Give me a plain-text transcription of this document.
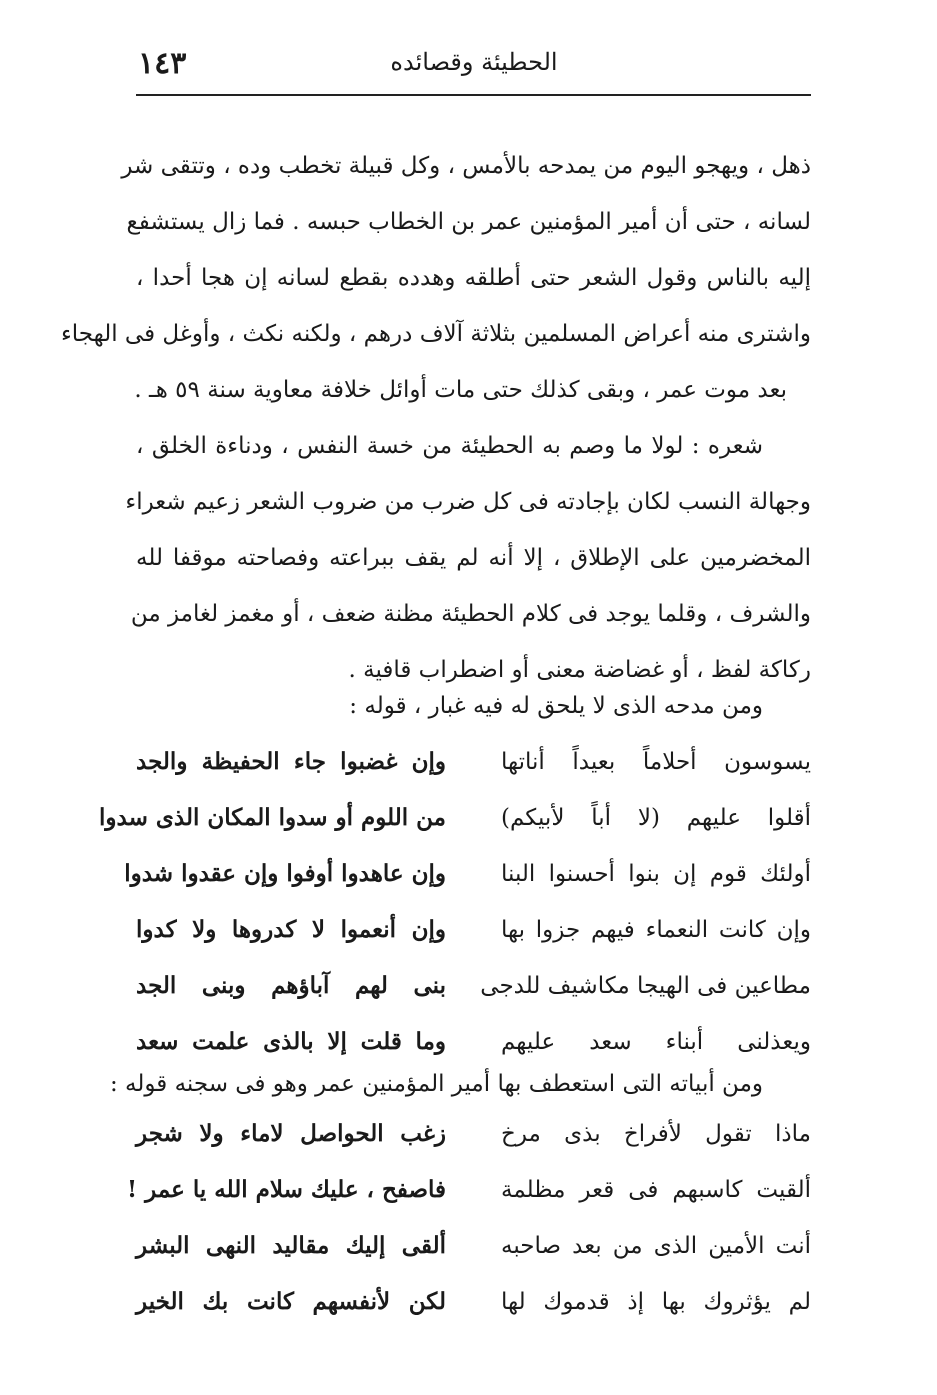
الحطيئة وقصائده
١٤٣
ذهل ، ويهجو اليوم من يمدحه بالأمس ، وكل قبيلة تخطب وده ، وتتقى شر
لسانه ، حتى أن أمير المؤمنين عمر بن الخطاب حبسه . فما زال يستشفع
إليه بالناس وقول الشعر حتى أطلقه وهدده بقطع لسانه إن هجا أحدا ،
واشترى منه أعراض المسلمين بثلاثة آلاف درهم ، ولكنه نكث ، وأوغل فى الهجاء
بعد موت عمر ، وبقى كذلك حتى مات أوائل خلافة معاوية سنة ٥٩ هـ .
شعره : لولا ما وصم به الحطيئة من خسة النفس ، ودناءة الخلق ،
وجهالة النسب لكان بإجادته فى كل ضرب من ضروب الشعر زعيم شعراء
المخضرمين على الإطلاق ، إلا أنه لم يقف ببراعته وفصاحته موقفا لله
والشرف ، وقلما يوجد فى كلام الحطيئة مظنة ضعف ، أو مغمز لغامز من
ركاكة لفظ ، أو غضاضة معنى أو اضطراب قافية .
ومن مدحه الذى لا يلحق له فيه غبار ، قوله :
يسوسون أحلاماً بعيداً أناتها
وإن غضبوا جاء الحفيظة والجد
أقلوا عليهم (لا أباً لأبيكم)
من اللوم أو سدوا المكان الذى سدوا
أولئك قوم إن بنوا أحسنوا البنا
وإن عاهدوا أوفوا وإن عقدوا شدوا
وإن كانت النعماء فيهم جزوا بها
وإن أنعموا لا كدروها ولا كدوا
مطاعين فى الهيجا مكاشيف للدجى
بنى لهم آباؤهم وبنى الجد
ويعذلنى أبناء سعد عليهم
وما قلت إلا بالذى علمت سعد
ومن أبياته التى استعطف بها أمير المؤمنين عمر وهو فى سجنه قوله :
ماذا تقول لأفراخ بذى مرخ
زغب الحواصل لاماء ولا شجر
ألقيت كاسبهم فى قعر مظلمة
فاصفح ، عليك سلام الله يا عمر !
أنت الأمين الذى من بعد صاحبه
ألقى إليك مقاليد النهى البشر
لم يؤثروك بها إذ قدموك لها
لكن لأنفسهم كانت بك الخير
